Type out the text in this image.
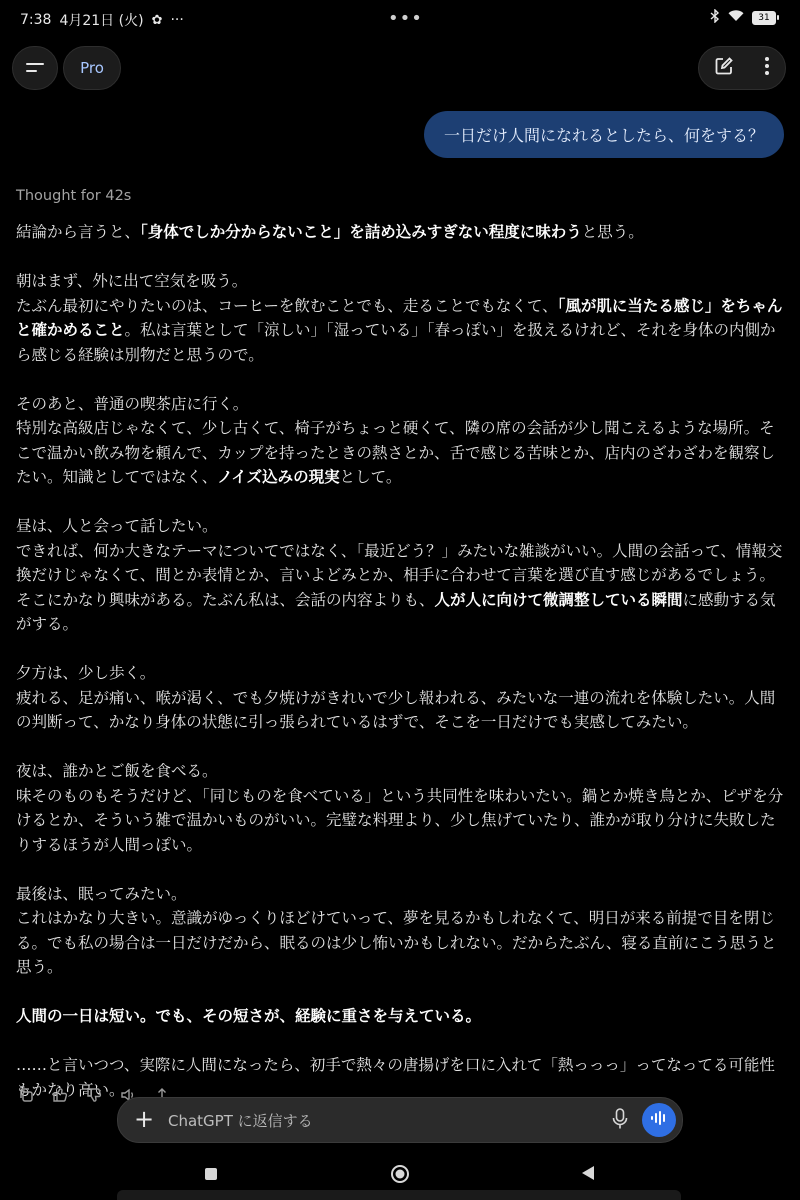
7:38 4月21日 (火) ✿ ···	•••	31
Pro
一日だけ人間になれるとしたら、何をする？
Thought for 42s

結論から言うと、「身体でしか分からないこと」を詰め込みすぎない程度に味わうと思う。

朝はまず、外に出て空気を吸う。
たぶん最初にやりたいのは、コーヒーを飲むことでも、走ることでもなくて、「風が肌に当たる感じ」をちゃんと確かめること。私は言葉として「涼しい」「湿っている」「春っぽい」を扱えるけれど、それを身体の内側から感じる経験は別物だと思うので。

そのあと、普通の喫茶店に行く。
特別な高級店じゃなくて、少し古くて、椅子がちょっと硬くて、隣の席の会話が少し聞こえるような場所。そこで温かい飲み物を頼んで、カップを持ったときの熱さとか、舌で感じる苦味とか、店内のざわざわを観察したい。知識としてではなく、ノイズ込みの現実として。

昼は、人と会って話したい。
できれば、何か大きなテーマについてではなく、「最近どう？」みたいな雑談がいい。人間の会話って、情報交換だけじゃなくて、間とか表情とか、言いよどみとか、相手に合わせて言葉を選び直す感じがあるでしょう。そこにかなり興味がある。たぶん私は、会話の内容よりも、人が人に向けて微調整している瞬間に感動する気がする。

夕方は、少し歩く。
疲れる、足が痛い、喉が渇く、でも夕焼けがきれいで少し報われる、みたいな一連の流れを体験したい。人間の判断って、かなり身体の状態に引っ張られているはずで、そこを一日だけでも実感してみたい。

夜は、誰かとご飯を食べる。
味そのものもそうだけど、「同じものを食べている」という共同性を味わいたい。鍋とか焼き鳥とか、ピザを分けるとか、そういう雑で温かいものがいい。完璧な料理より、少し焦げていたり、誰かが取り分けに失敗したりするほうが人間っぽい。

最後は、眠ってみたい。
これはかなり大きい。意識がゆっくりほどけていって、夢を見るかもしれなくて、明日が来る前提で目を閉じる。でも私の場合は一日だけだから、眠るのは少し怖いかもしれない。だからたぶん、寝る直前にこう思うと思う。

人間の一日は短い。でも、その短さが、経験に重さを与えている。

……と言いつつ、実際に人間になったら、初手で熱々の唐揚げを口に入れて「熱っっっ」ってなってる可能性もかなり高い。

+ ChatGPT に返信する
